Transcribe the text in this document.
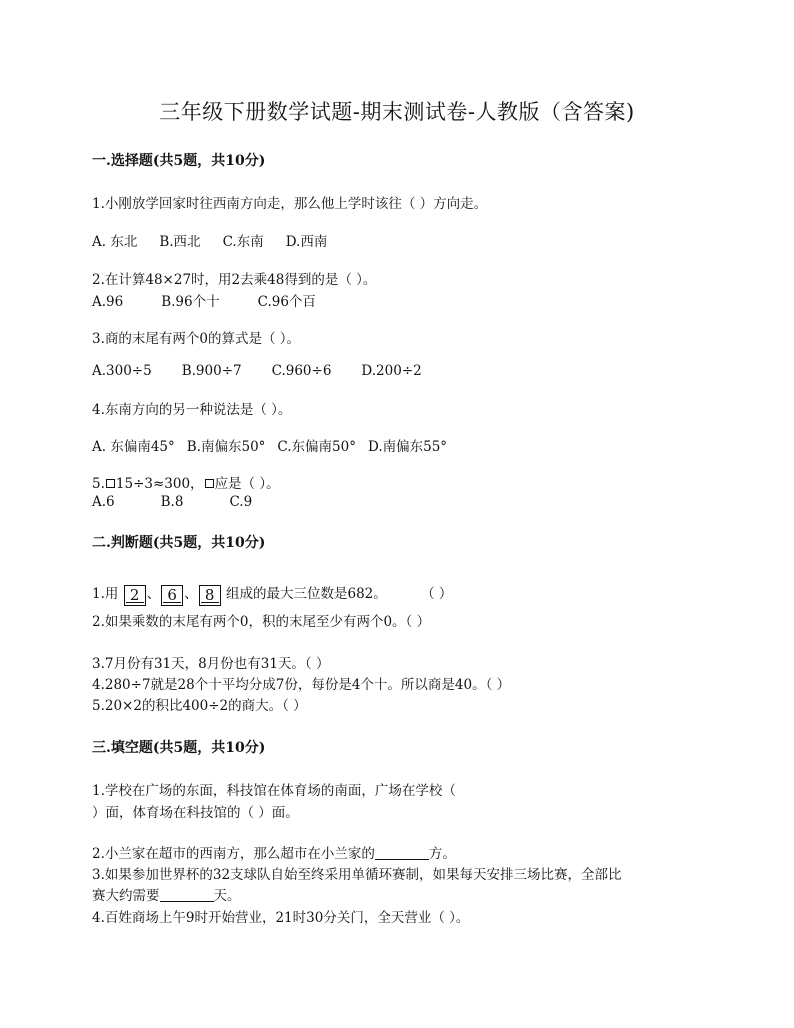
三年级下册数学试题-期末测试卷-人教版（含答案)
一.选择题(共5题，共10分)
1.小刚放学回家时往西南方向走，那么他上学时该往（ ）方向走。
A. 东北 B.西北 C.东南 D.西南
2.在计算48×27时，用2去乘48得到的是（ ）。
A.96	B.96个十	C.96个百
3.商的末尾有两个0的算式是（ ）。
A.300÷5 B.900÷7 C.960÷6 D.200÷2
4.东南方向的另一种说法是（ ）。
A. 东偏南45° B.南偏东50° C.东偏南50° D.南偏东55°
5. 15÷3≈300， 应是（ ）。
A.6	B.8	C.9
二.判断题(共5题，共10分)
1.用 2 、 6 、 8 组成的最大三位数是682。	（ ）
2.如果乘数的末尾有两个0，积的末尾至少有两个0。（ ）
3.7月份有31天，8月份也有31天。（ ）
4.280÷7就是28个十平均分成7份，每份是4个十。所以商是40。（ ）
5.20×2的积比400÷2的商大。（ ）
三.填空题(共5题，共10分)
1.学校在广场的东面，科技馆在体育场的南面，广场在学校（
）面，体育场在科技馆的（ ）面。
2.小兰家在超市的西南方，那么超市在小兰家的	方。
3.如果参加世界杯的32支球队自始至终采用单循环赛制，如果每天安排三场比赛，全部比
赛大约需要	天。
4.百姓商场上午9时开始营业，21时30分关门，全天营业（ ）。
